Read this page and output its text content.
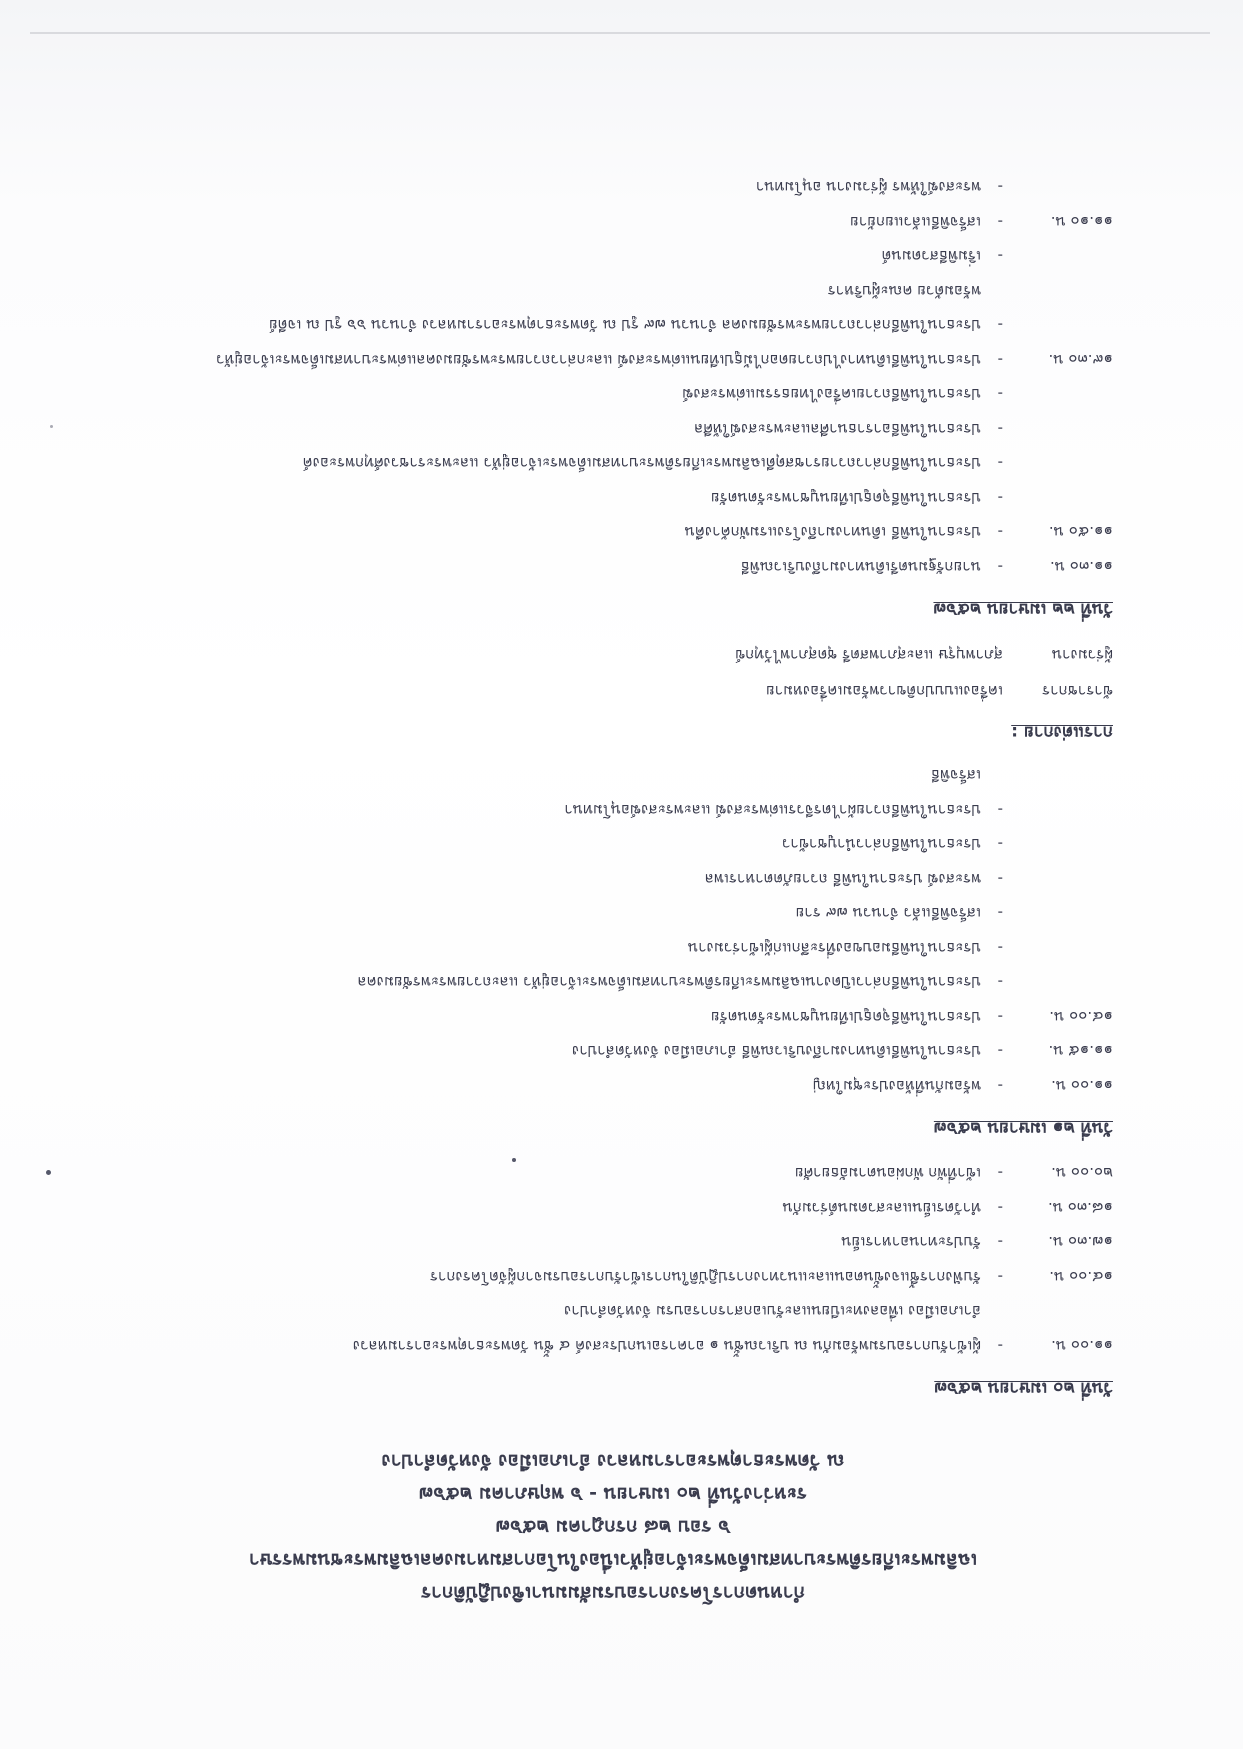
กำหนดการโครงการอบรมสัมมนาเชิงปฏิบัติการ
เฉลิมพระเกียรติพระบาทสมเด็จพระเจ้าอยู่หัวเนื่องในโอกาสมหามงคลเฉลิมพระชนมพรรษา
๖ รอบ ๒๘ กรกฎาคม ๒๕๖๗
ระหว่างวันที่ ๒๐ เมษายน - ๖ พฤษภาคม ๒๕๖๗
ณ วัดพระธาตุพระอารามหลวง อำเภอเมือง จังหวัดลำปาง
วันที่ ๒๐ เมษายน ๒๕๖๗
๑๑.๐๐ น.
-
ผู้เข้ารับการอบรมพร้อมกัน ณ บริเวณชั้น ๑ อาคารอเนกประสงค์ ๔ ชั้น วัดพระธาตุพระอารามหลวง
อำเภอเมือง เพื่อลงทะเบียนและรับเอกสารการอบรม จังหวัดลำปาง
๑๔.๐๐ น.
-
รับฟังการชี้แจงขั้นตอนและแนวทางการปฏิบัติในการเข้ารับการอบรมจากผู้จัดโครงการ
๑๗.๓๐ น.
-
รับประทานอาหารเย็น
๑๘.๓๐ น.
-
ทำวัตรเย็นและสวดมนต์ร่วมกัน
๒๐.๐๐ น.
-
เข้าที่พัก พักผ่อนตามอัธยาศัย
วันที่ ๒๑ เมษายน ๒๕๖๗
๑๑.๐๐ น.
-
พร้อมกันที่ห้องประชุมใหญ่
๑๑.๑๕ น.
-
ประธานในพิธีเดินทางมาถึงบริเวณพิธี อำเภอเมือง จังหวัดลำปาง
๑๔.๐๐ น.
-
ประธานในพิธีจุดธูปเทียนบูชาพระรัตนตรัย
-
ประธานในพิธีกล่าวเปิดงานเฉลิมพระเกียรติพระบาทสมเด็จพระเจ้าอยู่หัว และถวายพระพรชัยมงคล
-
ประธานในพิธีมอบของที่ระลึกแก่ผู้เข้าร่วมงาน
-
เสร็จพิธีแล้ว จำนวน ๗๙ ราย
-
พระสงฆ์ ประธานในพิธี ถวายภัตตาหารเพล
-
ประธานในพิธีกล่าวนำบูชาข้าว
-
ประธานในพิธีถวายผ้าไตรจีวรแด่พระสงฆ์ และพระสงฆ์อนุโมทนา
เสร็จพิธี
การแต่งกาย :
ข้าราชการ
เครื่องแบบปกติขาวพร้อมเครื่องหมาย
ผู้ร่วมงาน
สุภาพบุรุษ และสุภาพสตรี ชุดสุภาพไว้ทุกข์
วันที่ ๒๒ เมษายน ๒๕๖๗
๑๑.๓๐ น.
-
นายกรัฐมนตรีเดินทางมาถึงบริเวณพิธี
๑๑.๕๐ น.
-
ประธานในพิธี เดินทางมาถึงโรงแรมพักค้างคืน
-
ประธานในพิธีจุดธูปเทียนบูชาพระรัตนตรัย
-
ประธานในพิธีกล่าวถวายราชสดุดีเฉลิมพระเกียรติพระบาทสมเด็จพระเจ้าอยู่หัว และพระราชวงศ์ทุกพระองค์
-
ประธานในพิธีอาราธนาศีลและพระสงฆ์ให้ศีล
-
ประธานในพิธีถวายเครื่องไทยธรรมแด่พระสงฆ์
๑๙.๓๐ น.
-
ประธานในพิธีเดินทางไปถวายดอกไม้ธูปเทียนแด่พระสงฆ์ และกล่าวถวายพระพรชัยมงคลแด่พระบาทสมเด็จพระเจ้าอยู่หัว
-
ประธานในพิธีกล่าวถวายพระพรชัยมงคล จำนวน ๗๙ รูป ณ วัดพระธาตุพระอารามหลวง จำนวน ๖๖ รูป ณ เจดีย์
พร้อมด้วย คณะผู้บริหาร
-
เริ่มพิธีสวดมนต์
๑๑.๑๐ น.
-
เสร็จพิธีแล้วแยกย้าย
-
พระสงฆ์ให้พร ผู้ร่วมงาน อนุโมทนา
